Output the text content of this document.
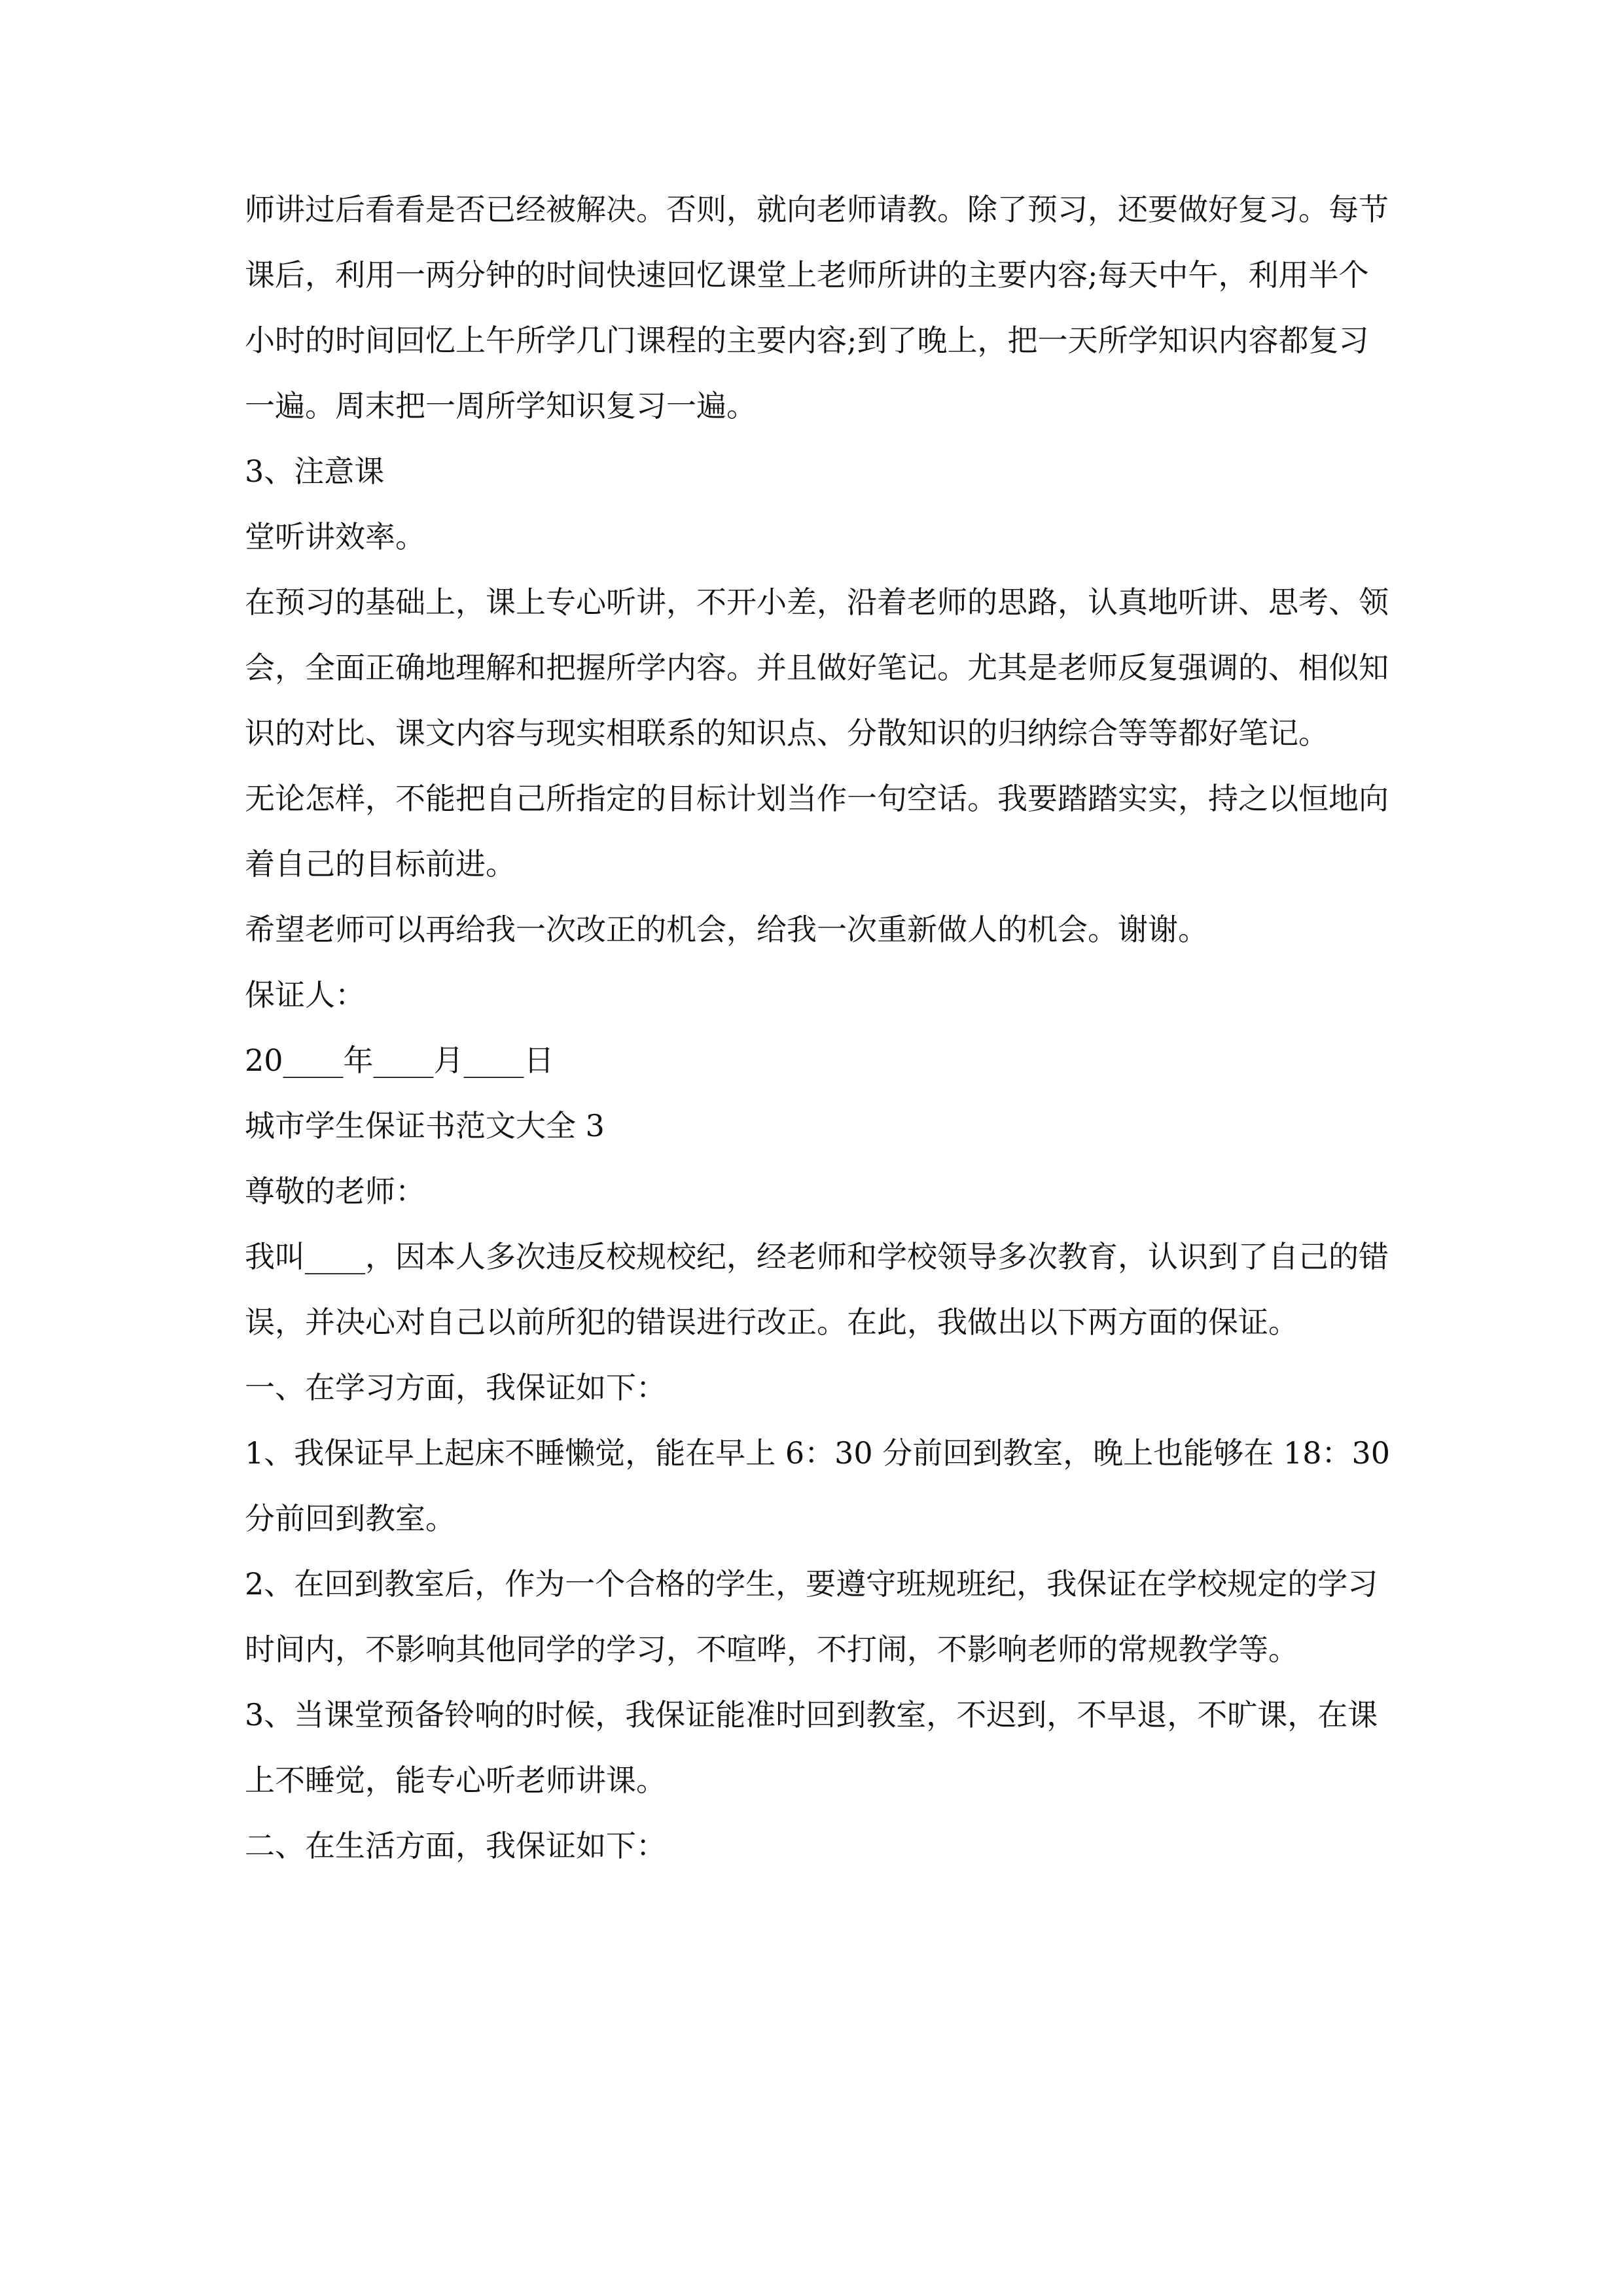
师讲过后看看是否已经被解决。否则，就向老师请教。除了预习，还要做好复习。每节课后，利用一两分钟的时间快速回忆课堂上老师所讲的主要内容;每天中午，利用半个小时的时间回忆上午所学几门课程的主要内容;到了晚上，把一天所学知识内容都复习一遍。周末把一周所学知识复习一遍。

3、注意课

堂听讲效率。

在预习的基础上，课上专心听讲，不开小差，沿着老师的思路，认真地听讲、思考、领会，全面正确地理解和把握所学内容。并且做好笔记。尤其是老师反复强调的、相似知识的对比、课文内容与现实相联系的知识点、分散知识的归纳综合等等都好笔记。

无论怎样，不能把自己所指定的目标计划当作一句空话。我要踏踏实实，持之以恒地向着自己的目标前进。

希望老师可以再给我一次改正的机会，给我一次重新做人的机会。谢谢。

保证人：

20____年____月____日

城市学生保证书范文大全 3

尊敬的老师：

我叫____，因本人多次违反校规校纪，经老师和学校领导多次教育，认识到了自己的错误，并决心对自己以前所犯的错误进行改正。在此，我做出以下两方面的保证。

一、在学习方面，我保证如下：

1、我保证早上起床不睡懒觉，能在早上 6：30 分前回到教室，晚上也能够在 18：30 分前回到教室。

2、在回到教室后，作为一个合格的学生，要遵守班规班纪，我保证在学校规定的学习时间内，不影响其他同学的学习，不喧哗，不打闹，不影响老师的常规教学等。

3、当课堂预备铃响的时候，我保证能准时回到教室，不迟到，不早退，不旷课，在课上不睡觉，能专心听老师讲课。

二、在生活方面，我保证如下：
